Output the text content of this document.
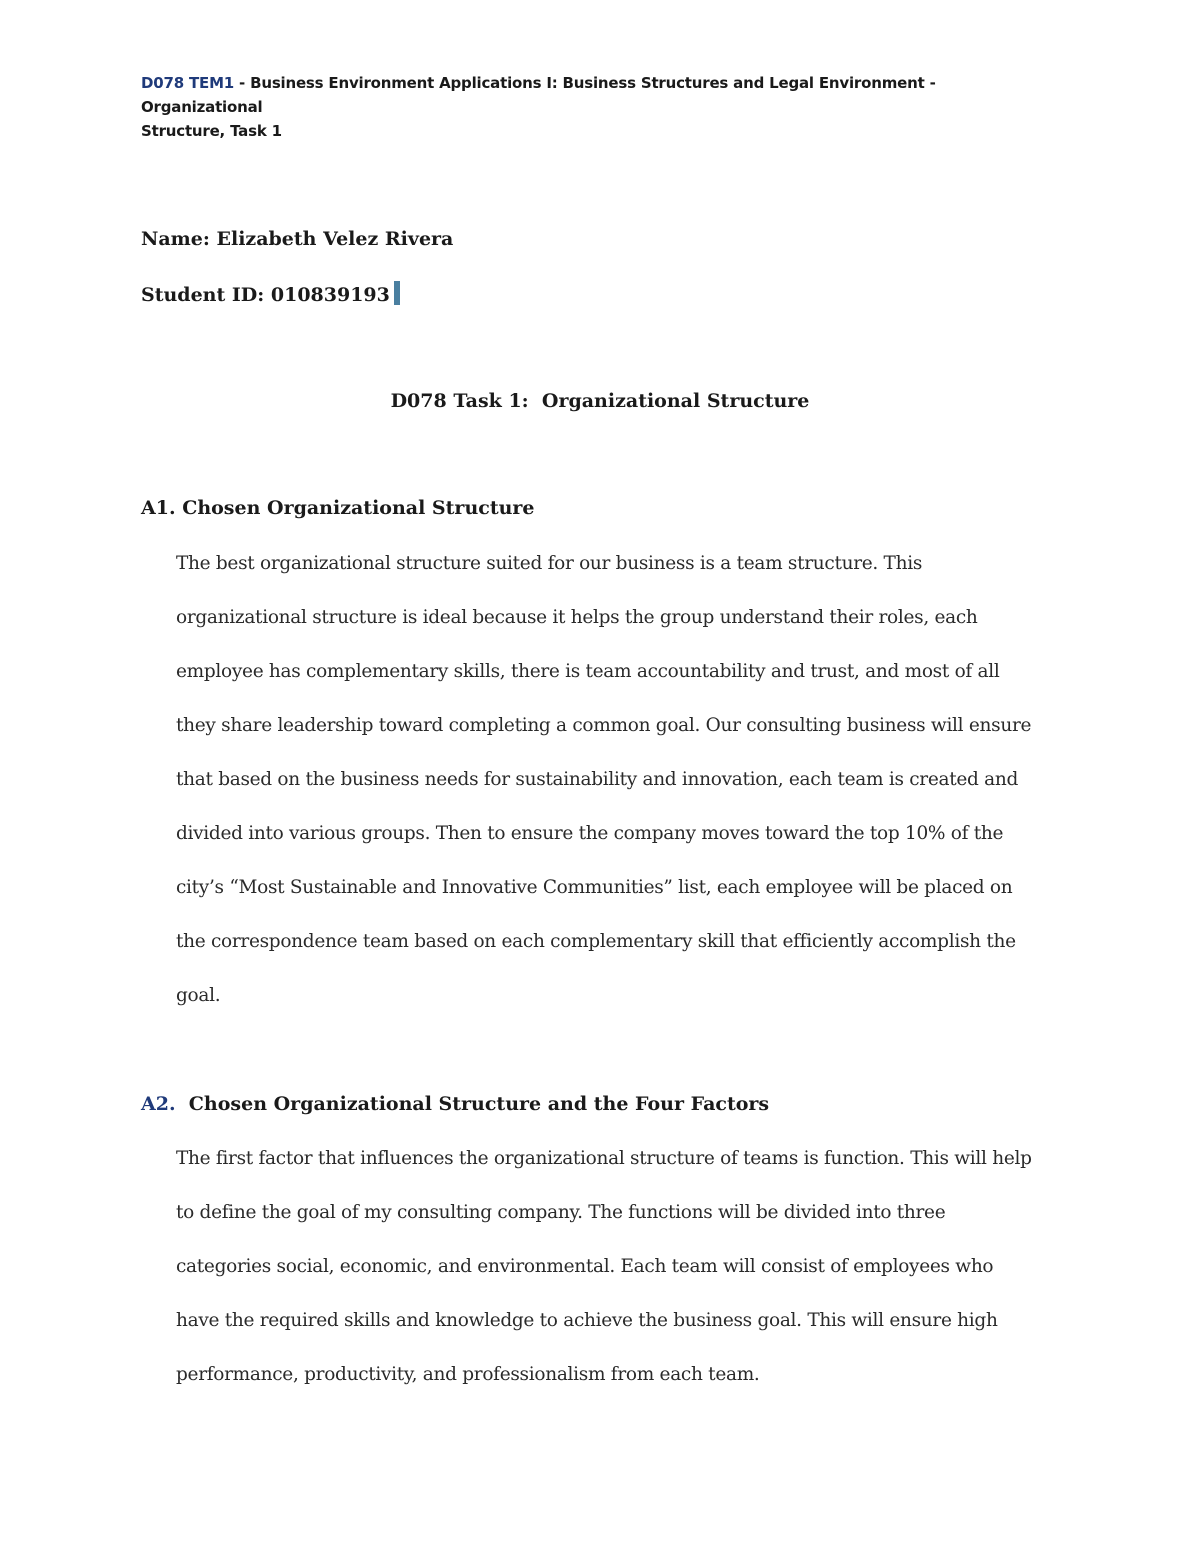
D078 TEM1 - Business Environment Applications I: Business Structures and Legal Environment - Organizational
Structure, Task 1
Name: Elizabeth Velez Rivera
Student ID: 010839193
D078 Task 1:  Organizational Structure
A1. Chosen Organizational Structure
The best organizational structure suited for our business is a team structure. This
organizational structure is ideal because it helps the group understand their roles, each
employee has complementary skills, there is team accountability and trust, and most of all
they share leadership toward completing a common goal. Our consulting business will ensure
that based on the business needs for sustainability and innovation, each team is created and
divided into various groups. Then to ensure the company moves toward the top 10% of the
city’s “Most Sustainable and Innovative Communities” list, each employee will be placed on
the correspondence team based on each complementary skill that efficiently accomplish the
goal.
A2.  Chosen Organizational Structure and the Four Factors
The first factor that influences the organizational structure of teams is function. This will help
to define the goal of my consulting company. The functions will be divided into three
categories social, economic, and environmental. Each team will consist of employees who
have the required skills and knowledge to achieve the business goal. This will ensure high
performance, productivity, and professionalism from each team.
